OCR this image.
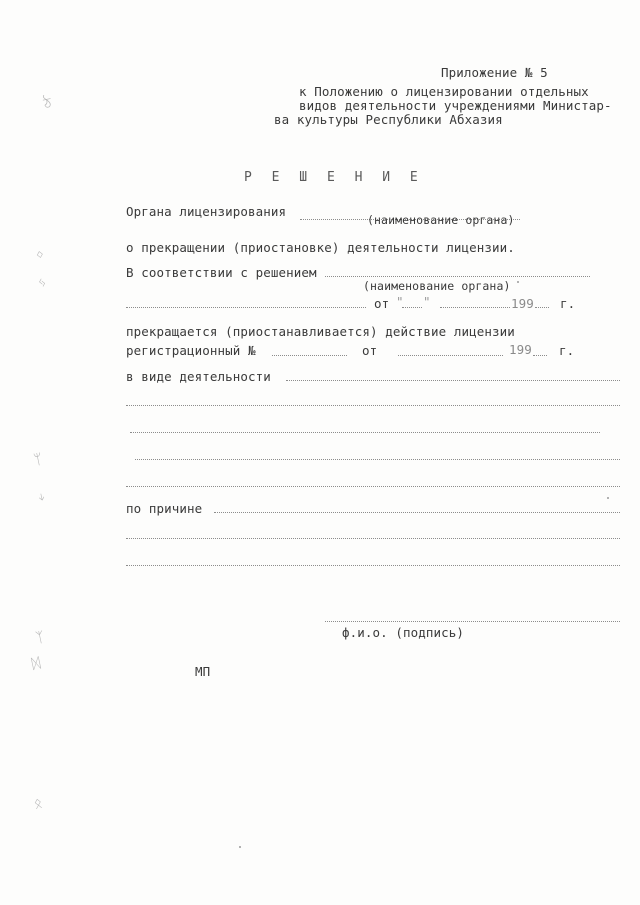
Приложение № 5
к Положению о лицензировании отдельных
видов деятельности учреждениями Министар-
ва культуры Республики Абхазия
Р Е Ш Е Н И Е
Органа лицензирования
(наименование органа)
о прекращении (приостановке) деятельности лицензии.
В соответствии с решением
(наименование органа)
от " "	199 г.
прекращается (приостанавливается) действие лицензии
регистрационный №	от	199 г.
в виде деятельности
по причине
ф.и.о. (подпись)
МП
ঠ
ᛜ
ᛃ
ᛘ
ᛎ
ᛉ
ᛞ
ᛟ
